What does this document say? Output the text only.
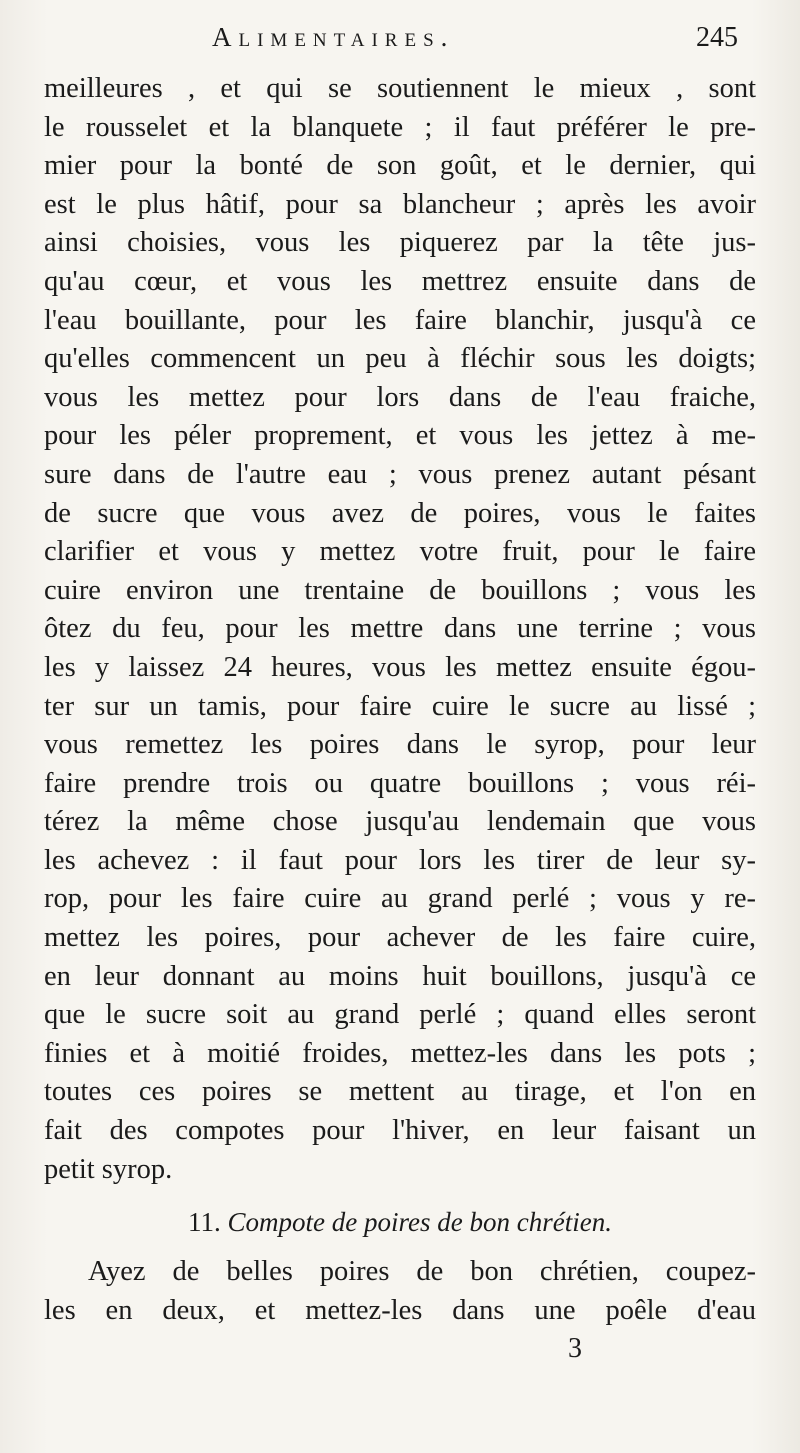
Alimentaires.	245
meilleures , et qui se soutiennent le mieux , sont
le rousselet et la blanquete ; il faut préférer le pre-
mier pour la bonté de son goût, et le dernier, qui
est le plus hâtif, pour sa blancheur ; après les avoir
ainsi choisies, vous les piquerez par la tête jus-
qu'au cœur, et vous les mettrez ensuite dans de
l'eau bouillante, pour les faire blanchir, jusqu'à ce
qu'elles commencent un peu à fléchir sous les doigts;
vous les mettez pour lors dans de l'eau fraiche,
pour les péler proprement, et vous les jettez à me-
sure dans de l'autre eau ; vous prenez autant pésant
de sucre que vous avez de poires, vous le faites
clarifier et vous y mettez votre fruit, pour le faire
cuire environ une trentaine de bouillons ; vous les
ôtez du feu, pour les mettre dans une terrine ; vous
les y laissez 24 heures, vous les mettez ensuite égou-
ter sur un tamis, pour faire cuire le sucre au lissé ;
vous remettez les poires dans le syrop, pour leur
faire prendre trois ou quatre bouillons ; vous réi-
térez la même chose jusqu'au lendemain que vous
les achevez : il faut pour lors les tirer de leur sy-
rop, pour les faire cuire au grand perlé ; vous y re-
mettez les poires, pour achever de les faire cuire,
en leur donnant au moins huit bouillons, jusqu'à ce
que le sucre soit au grand perlé ; quand elles seront
finies et à moitié froides, mettez-les dans les pots ;
toutes ces poires se mettent au tirage, et l'on en
fait des compotes pour l'hiver, en leur faisant un
petit syrop.
11. Compote de poires de bon chrétien.
Ayez de belles poires de bon chrétien, coupez-
les en deux, et mettez-les dans une poêle d'eau
3
